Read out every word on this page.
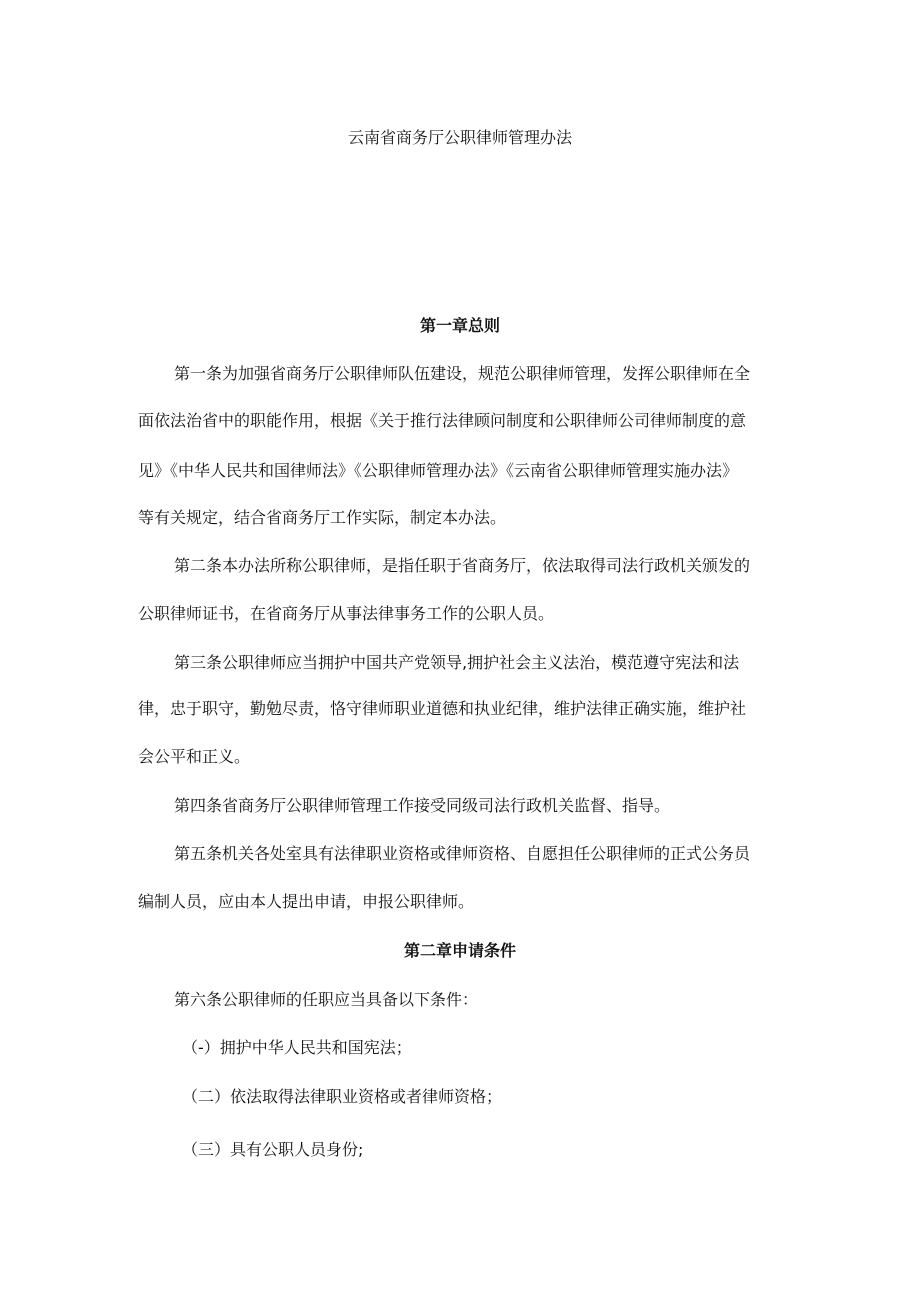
云南省商务厅公职律师管理办法
第一章总则
第一条为加强省商务厅公职律师队伍建设，规范公职律师管理，发挥公职律师在全
面依法治省中的职能作用，根据《关于推行法律顾问制度和公职律师公司律师制度的意
见》《中华人民共和国律师法》《公职律师管理办法》《云南省公职律师管理实施办法》
等有关规定，结合省商务厅工作实际，制定本办法。
第二条本办法所称公职律师，是指任职于省商务厅，依法取得司法行政机关颁发的
公职律师证书，在省商务厅从事法律事务工作的公职人员。
第三条公职律师应当拥护中国共产党领导,拥护社会主义法治，模范遵守宪法和法
律，忠于职守，勤勉尽责，恪守律师职业道德和执业纪律，维护法律正确实施，维护社
会公平和正义。
第四条省商务厅公职律师管理工作接受同级司法行政机关监督、指导。
第五条机关各处室具有法律职业资格或律师资格、自愿担任公职律师的正式公务员
编制人员，应由本人提出申请，申报公职律师。
第二章申请条件
第六条公职律师的任职应当具备以下条件：
（-）拥护中华人民共和国宪法；
（二）依法取得法律职业资格或者律师资格；
（三）具有公职人员身份;
